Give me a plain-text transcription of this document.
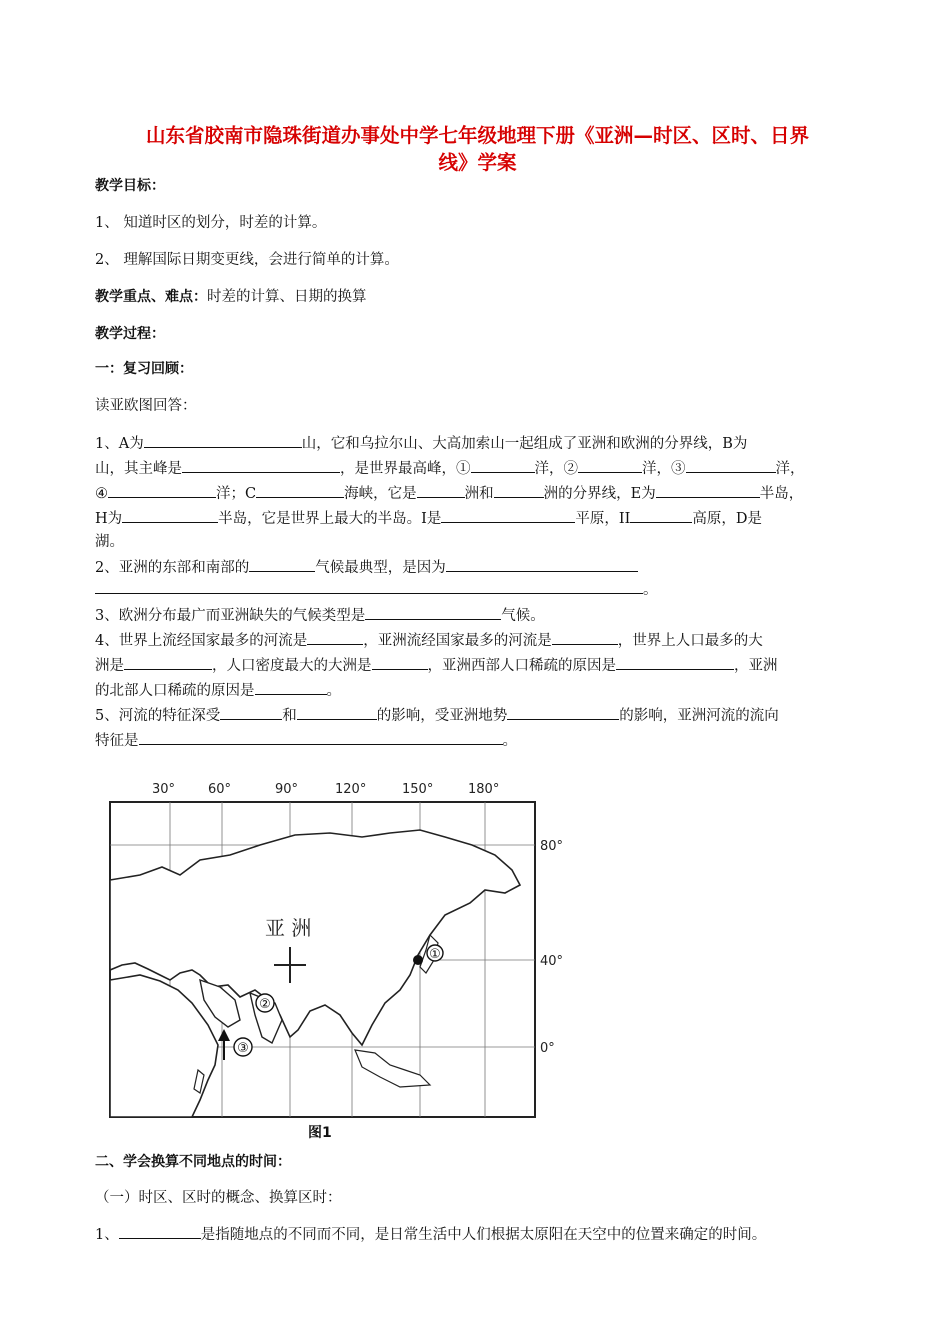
山东省胶南市隐珠街道办事处中学七年级地理下册《亚洲—时区、区时、日界
线》学案
教学目标：
1、 知道时区的划分，时差的计算。
2、 理解国际日期变更线，会进行简单的计算。
教学重点、难点：时差的计算、日期的换算
教学过程：
一：复习回顾：
读亚欧图回答：
1、A为	山，它和乌拉尔山、大高加索山一起组成了亚洲和欧洲的分界线，B为
山，其主峰是	，是世界最高峰，①	洋，②	洋，③	洋，
④	洋；C	海峡，它是	洲和	洲的分界线，E为	半岛，
H为	半岛，它是世界上最大的半岛。I是	平原，II	高原，D是
湖。
2、亚洲的东部和南部的	气候最典型，是因为
。
3、欧洲分布最广而亚洲缺失的气候类型是	气候。
4、世界上流经国家最多的河流是	，亚洲流经国家最多的河流是	，世界上人口最多的大
洲是	，人口密度最大的大洲是	，亚洲西部人口稀疏的原因是	，亚洲
的北部人口稀疏的原因是	。
5、河流的特征深受	和	的影响，受亚洲地势	的影响，亚洲河流的流向
特征是	。
30°	60°	90°	120°	150°	180°
80°
40°
0°
亚 洲
①
②
③
图1
二、学会换算不同地点的时间：
（一）时区、区时的概念、换算区时：
1、	是指随地点的不同而不同，是日常生活中人们根据太原阳在天空中的位置来确定的时间。
